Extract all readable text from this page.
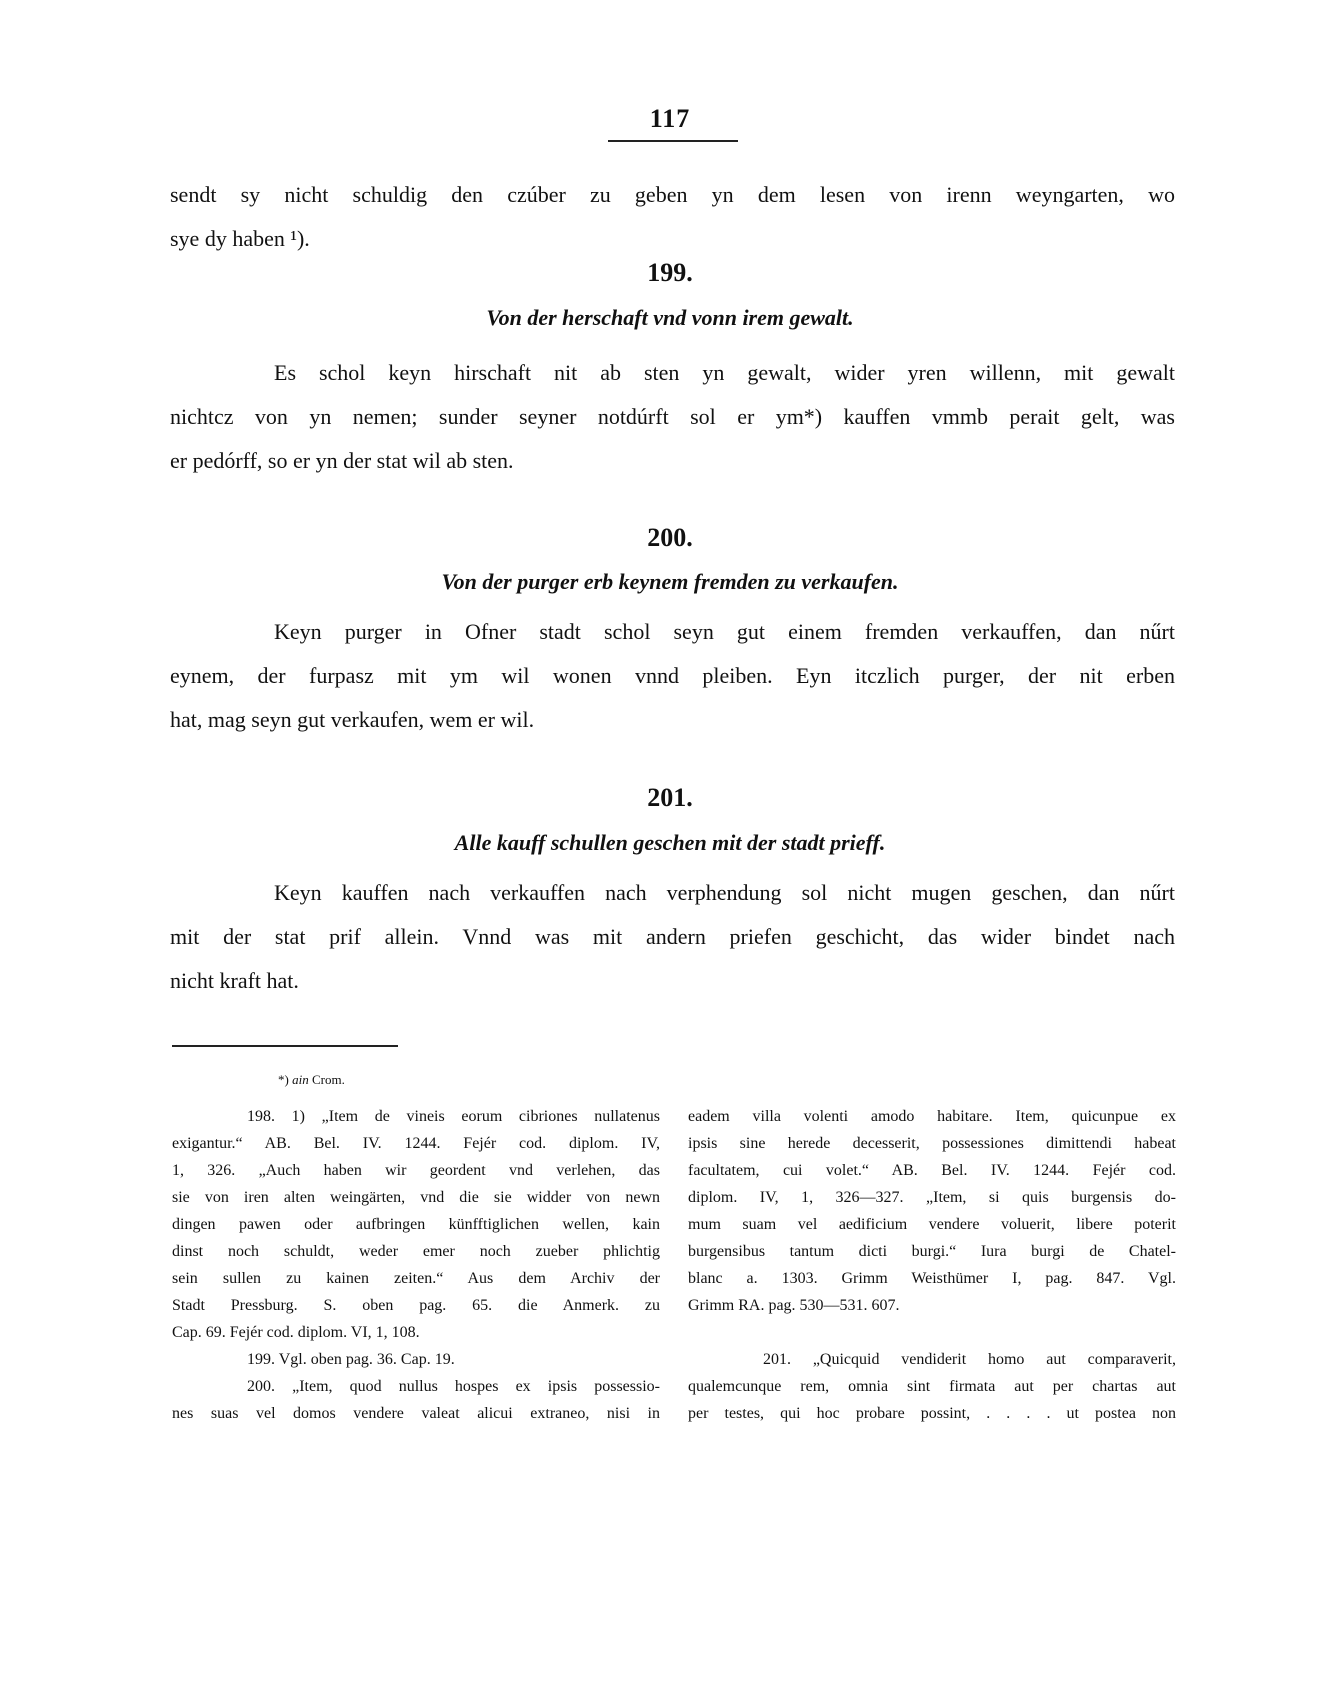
117
sendt sy nicht schuldig den czúber zu geben yn dem lesen von irenn weyngarten, wo
sye dy haben ¹).
199.
Von der herschaft vnd vonn irem gewalt.
Es schol keyn hirschaft nit ab sten yn gewalt, wider yren willenn, mit gewalt
nichtcz von yn nemen; sunder seyner notdúrft sol er ym*) kauffen vmmb perait gelt, was
er pedórff, so er yn der stat wil ab sten.
200.
Von der purger erb keynem fremden zu verkaufen.
Keyn purger in Ofner stadt schol seyn gut einem fremden verkauffen, dan nűrt
eynem, der furpasz mit ym wil wonen vnnd pleiben. Eyn itczlich purger, der nit erben
hat, mag seyn gut verkaufen, wem er wil.
201.
Alle kauff schullen geschen mit der stadt prieff.
Keyn kauffen nach verkauffen nach verphendung sol nicht mugen geschen, dan nűrt
mit der stat prif allein. Vnnd was mit andern priefen geschicht, das wider bindet nach
nicht kraft hat.
*) ain Crom.
198. 1) „Item de vineis eorum cibriones nullatenus
exigantur.“ AB. Bel. IV. 1244. Fejér cod. diplom. IV,
1, 326. „Auch haben wir geordent vnd verlehen, das
sie von iren alten weingärten, vnd die sie widder von newn
dingen pawen oder aufbringen künfftiglichen wellen, kain
dinst noch schuldt, weder emer noch zueber phlichtig
sein sullen zu kainen zeiten.“ Aus dem Archiv der
Stadt Pressburg. S. oben pag. 65. die Anmerk. zu
Cap. 69. Fejér cod. diplom. VI, 1, 108.
199. Vgl. oben pag. 36. Cap. 19.
200. „Item, quod nullus hospes ex ipsis possessio-
nes suas vel domos vendere valeat alicui extraneo, nisi in
eadem villa volenti amodo habitare. Item, quicunpue ex
ipsis sine herede decesserit, possessiones dimittendi habeat
facultatem, cui volet.“ AB. Bel. IV. 1244. Fejér cod.
diplom. IV, 1, 326—327. „Item, si quis burgensis do-
mum suam vel aedificium vendere voluerit, libere poterit
burgensibus tantum dicti burgi.“ Iura burgi de Chatel-
blanc a. 1303. Grimm Weisthümer I, pag. 847. Vgl.
Grimm RA. pag. 530—531. 607.
201. „Quicquid vendiderit homo aut comparaverit,
qualemcunque rem, omnia sint firmata aut per chartas aut
per testes, qui hoc probare possint, . . . . ut postea non
